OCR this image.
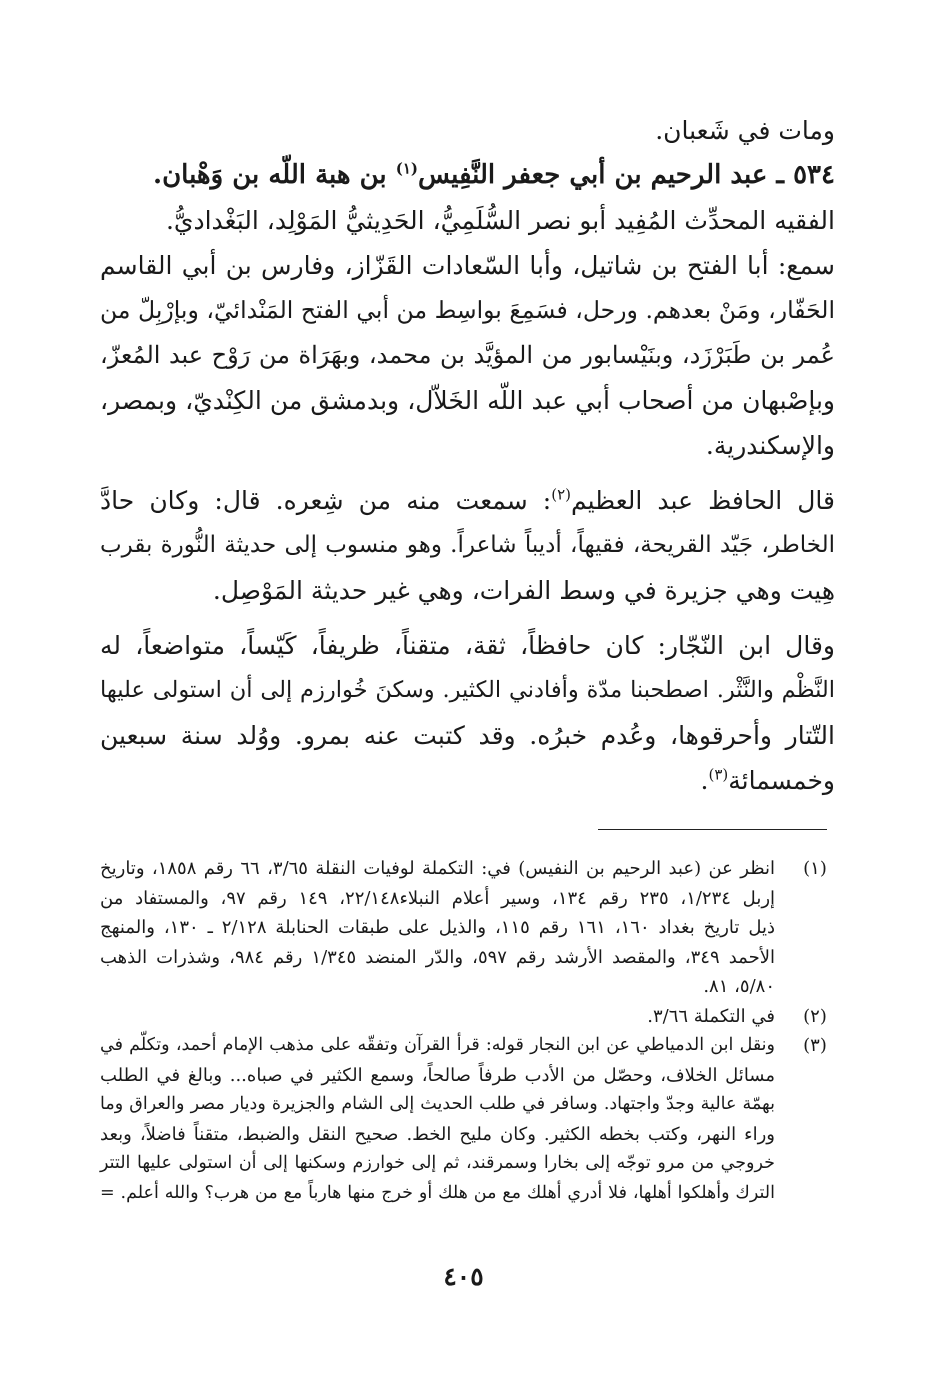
ومات في شَعبان.
٥٣٤ ـ عبد الرحيم بن أبي جعفر النَّفِيس$^{(١)}$ بن هبة اللّه بن وَهْبان.
الفقيه المحدِّث المُفِيد أبو نصر السُّلَمِيُّ، الحَدِيثيُّ المَوْلِد، البَغْداديُّ.
سمع: أبا الفتح بن شاتيل، وأبا السّعادات القَزّاز، وفارس بن أبي القاسم
الحَفّار، ومَنْ بعدهم. ورحل، فسَمِعَ بواسِط من أبي الفتح المَنْدائيّ، وبإرْبِلّ من
عُمر بن طَبَرْزَد، وبنَيْسابور من المؤيَّد بن محمد، وبهَرَاة من رَوْح عبد المُعزّ،
وبإصْبهان من أصحاب أبي عبد اللّه الخَلاّل، وبدمشق من الكِنْديّ، وبمصر،
والإسكندرية.
قال الحافظ عبد العظيم$^{(٢)}$: سمعت منه من شِعره. قال: وكان حادَّ
الخاطر، جَيّد القريحة، فقيهاً، أديباً شاعراً. وهو منسوب إلى حديثة النُّورة بقرب
هِيت وهي جزيرة في وسط الفرات، وهي غير حديثة المَوْصِل.
وقال ابن النّجّار: كان حافظاً، ثقة، متقناً، ظريفاً، كَيّساً، متواضعاً، له
النَّظْم والنَّثْر. اصطحبنا مدّة وأفادني الكثير. وسكنَ خُوارزم إلى أن استولى عليها
التّتار وأحرقوها، وعُدم خبرُه. وقد كتبت عنه بمرو. ووُلد سنة سبعين
وخمسمائة$^{(٣)}$.
(١)
انظر عن (عبد الرحيم بن النفيس) في: التكملة لوفيات النقلة ٣/٦٥، ٦٦ رقم ١٨٥٨، وتاريخ
إربل ١/٢٣٤، ٢٣٥ رقم ١٣٤، وسير أعلام النبلاء٢٢/١٤٨، ١٤٩ رقم ٩٧، والمستفاد من
ذيل تاريخ بغداد ١٦٠، ١٦١ رقم ١١٥، والذيل على طبقات الحنابلة ٢/١٢٨ ـ ١٣٠، والمنهج
الأحمد ٣٤٩، والمقصد الأرشد رقم ٥٩٧، والدّر المنضد ١/٣٤٥ رقم ٩٨٤، وشذرات الذهب
٥/٨٠، ٨١.
(٢)
في التكملة ٣/٦٦.
(٣)
ونقل ابن الدمياطي عن ابن النجار قوله: قرأ القرآن وتفقّه على مذهب الإمام أحمد، وتكلّم في
مسائل الخلاف، وحصّل من الأدب طرفاً صالحاً، وسمع الكثير في صباه... وبالغ في الطلب
بهمّة عالية وجدّ واجتهاد. وسافر في طلب الحديث إلى الشام والجزيرة وديار مصر والعراق وما
وراء النهر، وكتب بخطه الكثير. وكان مليح الخط. صحيح النقل والضبط، متقناً فاضلاً، وبعد
خروجي من مرو توجّه إلى بخارا وسمرقند، ثم إلى خوارزم وسكنها إلى أن استولى عليها التتر
الترك وأهلكوا أهلها، فلا أدري أهلك مع من هلك أو خرج منها هارباً مع من هرب؟ والله أعلم. =
٤٠٥
